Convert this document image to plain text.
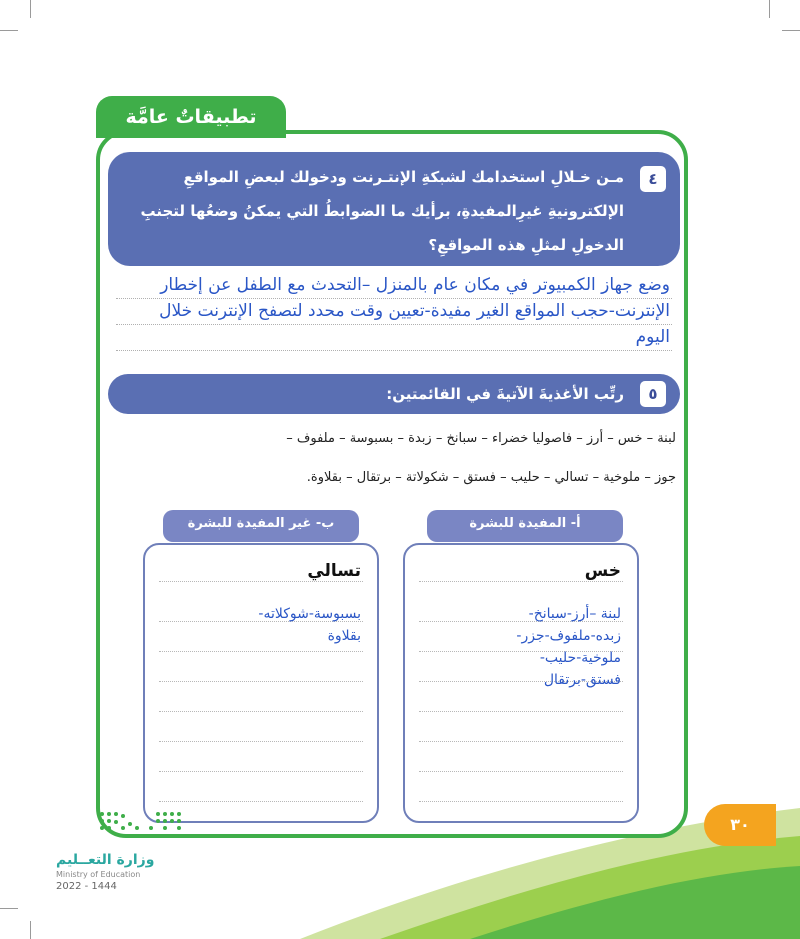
تطبيقاتٌ عامَّة
مـن خـلالِ استخدامك لشبكةِ الإنتـرنت ودخولك لبعضِ المواقعِ الإلكترونيةِ غيرِالمفيدةِ، برأيك ما الضوابطُ التي يمكنُ وضعُها لتجنبِ الدخولِ لمثلِ هذه المواقعِ؟
٤
وضع جهاز الكمبيوتر في مكان عام بالمنزل –التحدث مع الطفل عن إخطار الإنترنت-حجب المواقع الغير مفيدة-تعيين وقت محدد لتصفح الإنترنت خلال اليوم
رتِّب الأغذيةَ الآتيةَ في القائمتين:	٥
لبنة – خس – أرز – فاصوليا خضراء – سبانخ – زبدة – بسبوسة – ملفوف –
جوز – ملوخية – تسالي – حليب – فستق – شكولاتة – برتقال – بقلاوة.
تسالي
بسبوسة-شوكلاته- بقلاوة
ب- غير المفيدة للبشرة
خس
لبنة –أرز-سبانخ- زبده-ملفوف-جزر- ملوخية-حليب- فستق-برتقال
أ- المفيدة للبشرة
٣٠
وزارة التعــليم
Ministry of Education
2022 - 1444
